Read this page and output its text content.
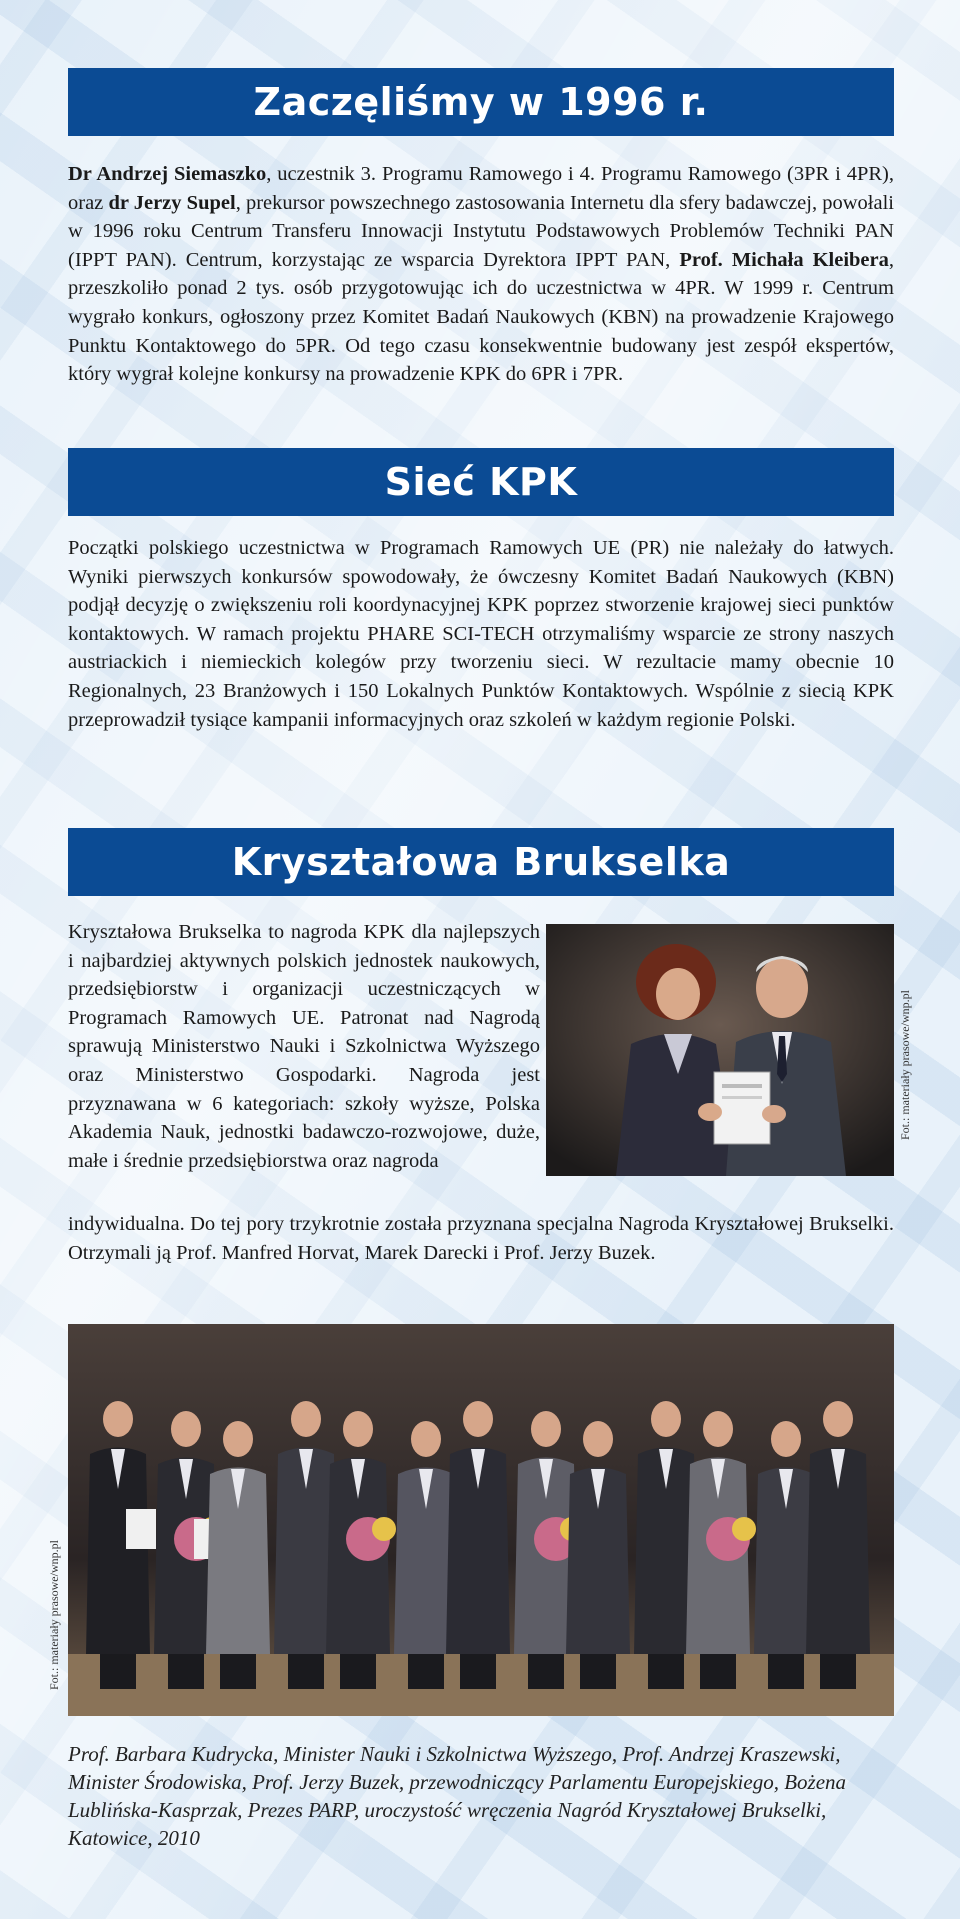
Zaczęliśmy w 1996 r.
Dr Andrzej Siemaszko, uczestnik 3. Programu Ramowego i 4. Programu Ramowego (3PR i 4PR), oraz dr Jerzy Supel, prekursor powszechnego zastosowania Internetu dla sfery badawczej, powołali w 1996 roku Centrum Transferu Innowacji Instytutu Podstawowych Problemów Techniki PAN (IPPT PAN). Centrum, korzystając ze wsparcia Dyrektora IPPT PAN, Prof. Michała Kleibera, przeszkoliło ponad 2 tys. osób przygotowując ich do uczestnictwa w 4PR. W 1999 r. Centrum wygrało konkurs, ogłoszony przez Komitet Badań Naukowych (KBN) na prowadzenie Krajowego Punktu Kontaktowego do 5PR. Od tego czasu konsekwentnie budowany jest zespół ekspertów, który wygrał kolejne konkursy na prowadzenie KPK do 6PR i 7PR.
Sieć KPK
Początki polskiego uczestnictwa w Programach Ramowych UE (PR) nie należały do łatwych. Wyniki pierwszych konkursów spowodowały, że ówczesny Komitet Badań Naukowych (KBN) podjął decyzję o zwiększeniu roli koordynacyjnej KPK poprzez stworzenie krajowej sieci punktów kontaktowych. W ramach projektu PHARE SCI-TECH otrzymaliśmy wsparcie ze strony naszych austriackich i niemieckich kolegów przy tworzeniu sieci. W rezultacie mamy obecnie 10 Regionalnych, 23 Branżowych i 150 Lokalnych Punktów Kontaktowych. Wspólnie z siecią KPK przeprowadził tysiące kampanii informacyjnych oraz szkoleń w każdym regionie Polski.
Kryształowa Brukselka
Fot.: materiały prasowe/wnp.pl
Kryształowa Brukselka to nagroda KPK dla najlepszych i najbardziej aktywnych polskich jednostek naukowych, przedsiębiorstw i organizacji uczestniczących w Programach Ramowych UE. Patronat nad Nagrodą sprawują Ministerstwo Nauki i Szkolnictwa Wyższego oraz Ministerstwo Gospodarki. Nagroda jest przyznawana w 6 kategoriach: szkoły wyższe, Polska Akademia Nauk, jednostki badawczo-rozwojowe, duże, małe i średnie przedsiębiorstwa oraz nagroda
indywidualna. Do tej pory trzykrotnie została przyznana specjalna Nagroda Kryształowej Brukselki. Otrzymali ją Prof. Manfred Horvat, Marek Darecki i Prof. Jerzy Buzek.
Fot.: materiały prasowe/wnp.pl
Prof. Barbara Kudrycka, Minister Nauki i Szkolnictwa Wyższego, Prof. Andrzej Kraszewski, Minister Środowiska, Prof. Jerzy Buzek, przewodniczący Parlamentu Europejskiego, Bożena Lublińska-Kasprzak, Prezes PARP, uroczystość wręczenia Nagród Kryształowej Brukselki, Katowice, 2010
